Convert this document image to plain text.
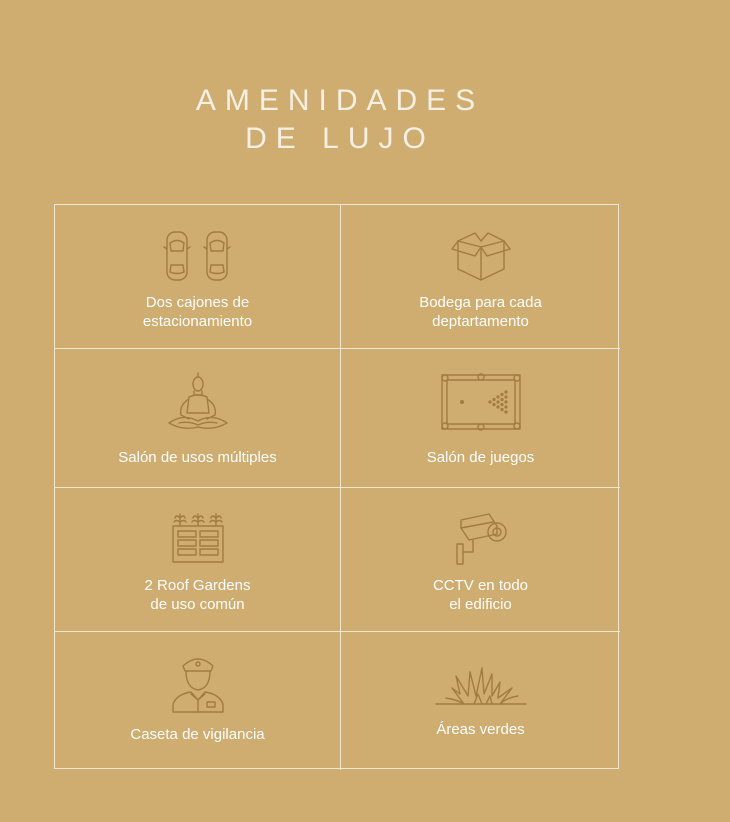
AMENIDADES
DE LUJO
Dos cajones de
estacionamiento
Bodega para cada
deptartamento
Salón de usos múltiples	Salón de juegos
2 Roof Gardens
de uso común
CCTV en todo
el edificio
Caseta de vigilancia	Áreas verdes
